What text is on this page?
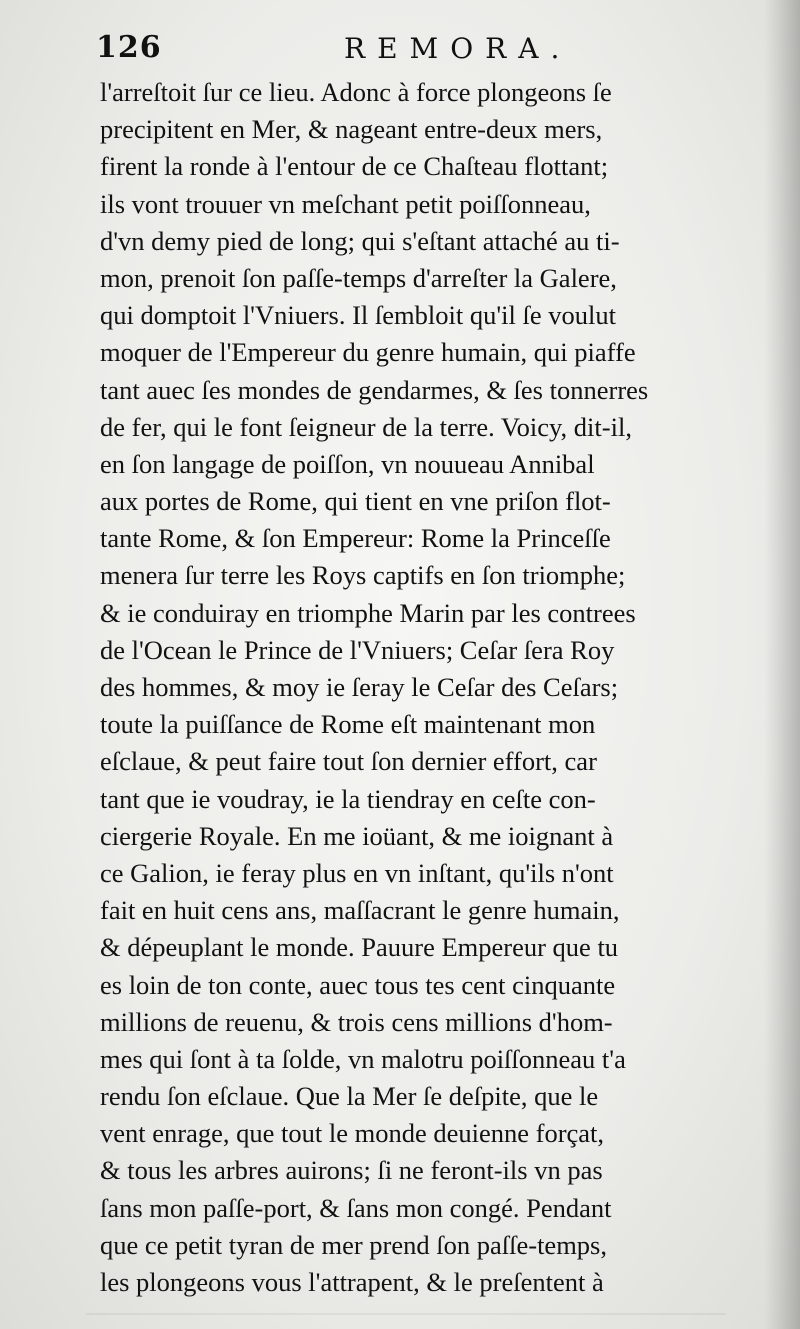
126	REMORA.
l'arreſtoit ſur ce lieu. Adonc à force plongeons ſe
precipitent en Mer, & nageant entre-deux mers,
firent la ronde à l'entour de ce Chaſteau flottant;
ils vont trouuer vn meſchant petit poiſſonneau,
d'vn demy pied de long; qui s'eſtant attaché au ti-
mon, prenoit ſon paſſe-temps d'arreſter la Galere,
qui domptoit l'Vniuers. Il ſembloit qu'il ſe voulut
moquer de l'Empereur du genre humain, qui piaffe
tant auec ſes mondes de gendarmes, & ſes tonnerres
de fer, qui le font ſeigneur de la terre. Voicy, dit-il,
en ſon langage de poiſſon, vn nouueau Annibal
aux portes de Rome, qui tient en vne priſon flot-
tante Rome, & ſon Empereur: Rome la Princeſſe
menera ſur terre les Roys captifs en ſon triomphe;
& ie conduiray en triomphe Marin par les contrees
de l'Ocean le Prince de l'Vniuers; Ceſar ſera Roy
des hommes, & moy ie ſeray le Ceſar des Ceſars;
toute la puiſſance de Rome eſt maintenant mon
eſclaue, & peut faire tout ſon dernier effort, car
tant que ie voudray, ie la tiendray en ceſte con-
ciergerie Royale. En me ioüant, & me ioignant à
ce Galion, ie feray plus en vn inſtant, qu'ils n'ont
fait en huit cens ans, maſſacrant le genre humain,
& dépeuplant le monde. Pauure Empereur que tu
es loin de ton conte, auec tous tes cent cinquante
millions de reuenu, & trois cens millions d'hom-
mes qui ſont à ta ſolde, vn malotru poiſſonneau t'a
rendu ſon eſclaue. Que la Mer ſe deſpite, que le
vent enrage, que tout le monde deuienne forçat,
& tous les arbres auirons; ſi ne feront-ils vn pas
ſans mon paſſe-port, & ſans mon congé. Pendant
que ce petit tyran de mer prend ſon paſſe-temps,
les plongeons vous l'attrapent, & le preſentent à
